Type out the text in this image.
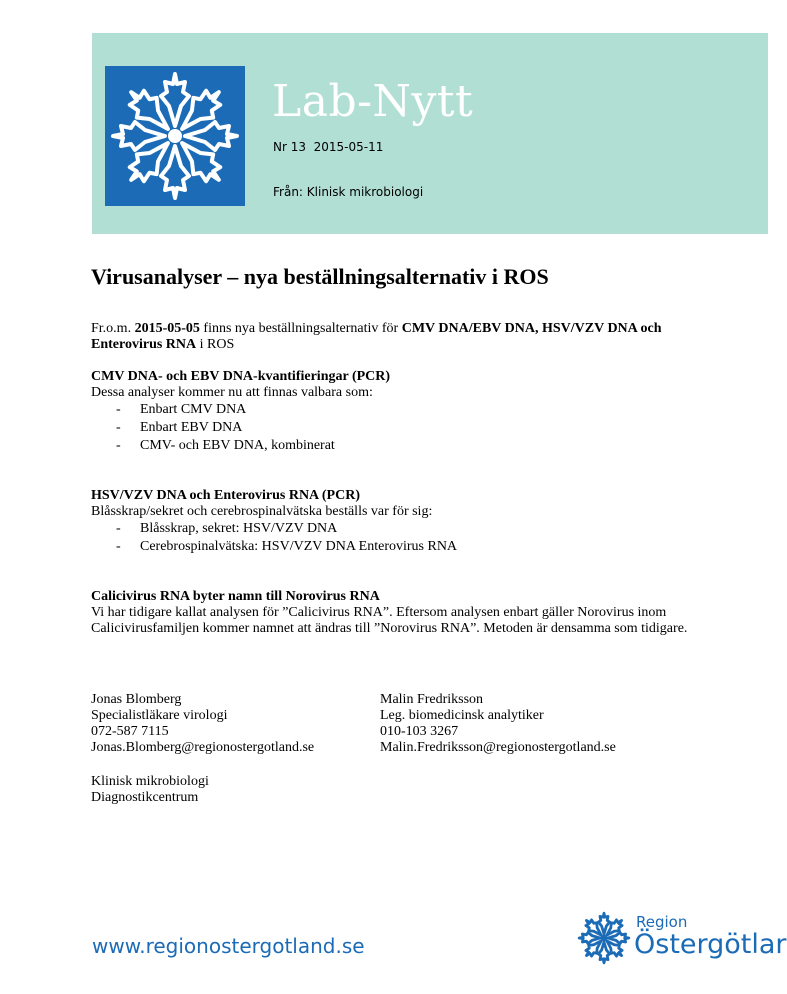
Lab-Nytt
Nr 13  2015-05-11
Från: Klinisk mikrobiologi
Virusanalyser – nya beställningsalternativ i ROS

Fr.o.m. 2015-05-05 finns nya beställningsalternativ för CMV DNA/EBV DNA, HSV/VZV DNA och Enterovirus RNA i ROS

CMV DNA- och EBV DNA-kvantifieringar (PCR)

Dessa analyser kommer nu att finnas valbara som:

- Enbart CMV DNA
- Enbart EBV DNA
- CMV- och EBV DNA, kombinerat

HSV/VZV DNA och Enterovirus RNA (PCR)

Blåsskrap/sekret och cerebrospinalvätska beställs var för sig:

- Blåsskrap, sekret: HSV/VZV DNA
- Cerebrospinalvätska: HSV/VZV DNA Enterovirus RNA

Calicivirus RNA byter namn till Norovirus RNA

Vi har tidigare kallat analysen för ”Calicivirus RNA”. Eftersom analysen enbart gäller Norovirus inom Calicivirusfamiljen kommer namnet att ändras till ”Norovirus RNA”. Metoden är densamma som tidigare.

Jonas Blomberg
Specialistläkare virologi
072-587 7115
Jonas.Blomberg@regionostergotland.se
Malin Fredriksson
Leg. biomedicinsk analytiker
010-103 3267
Malin.Fredriksson@regionostergotland.se
Klinisk mikrobiologi
Diagnostikcentrum
www.regionostergotland.se
Region
Östergötlar
